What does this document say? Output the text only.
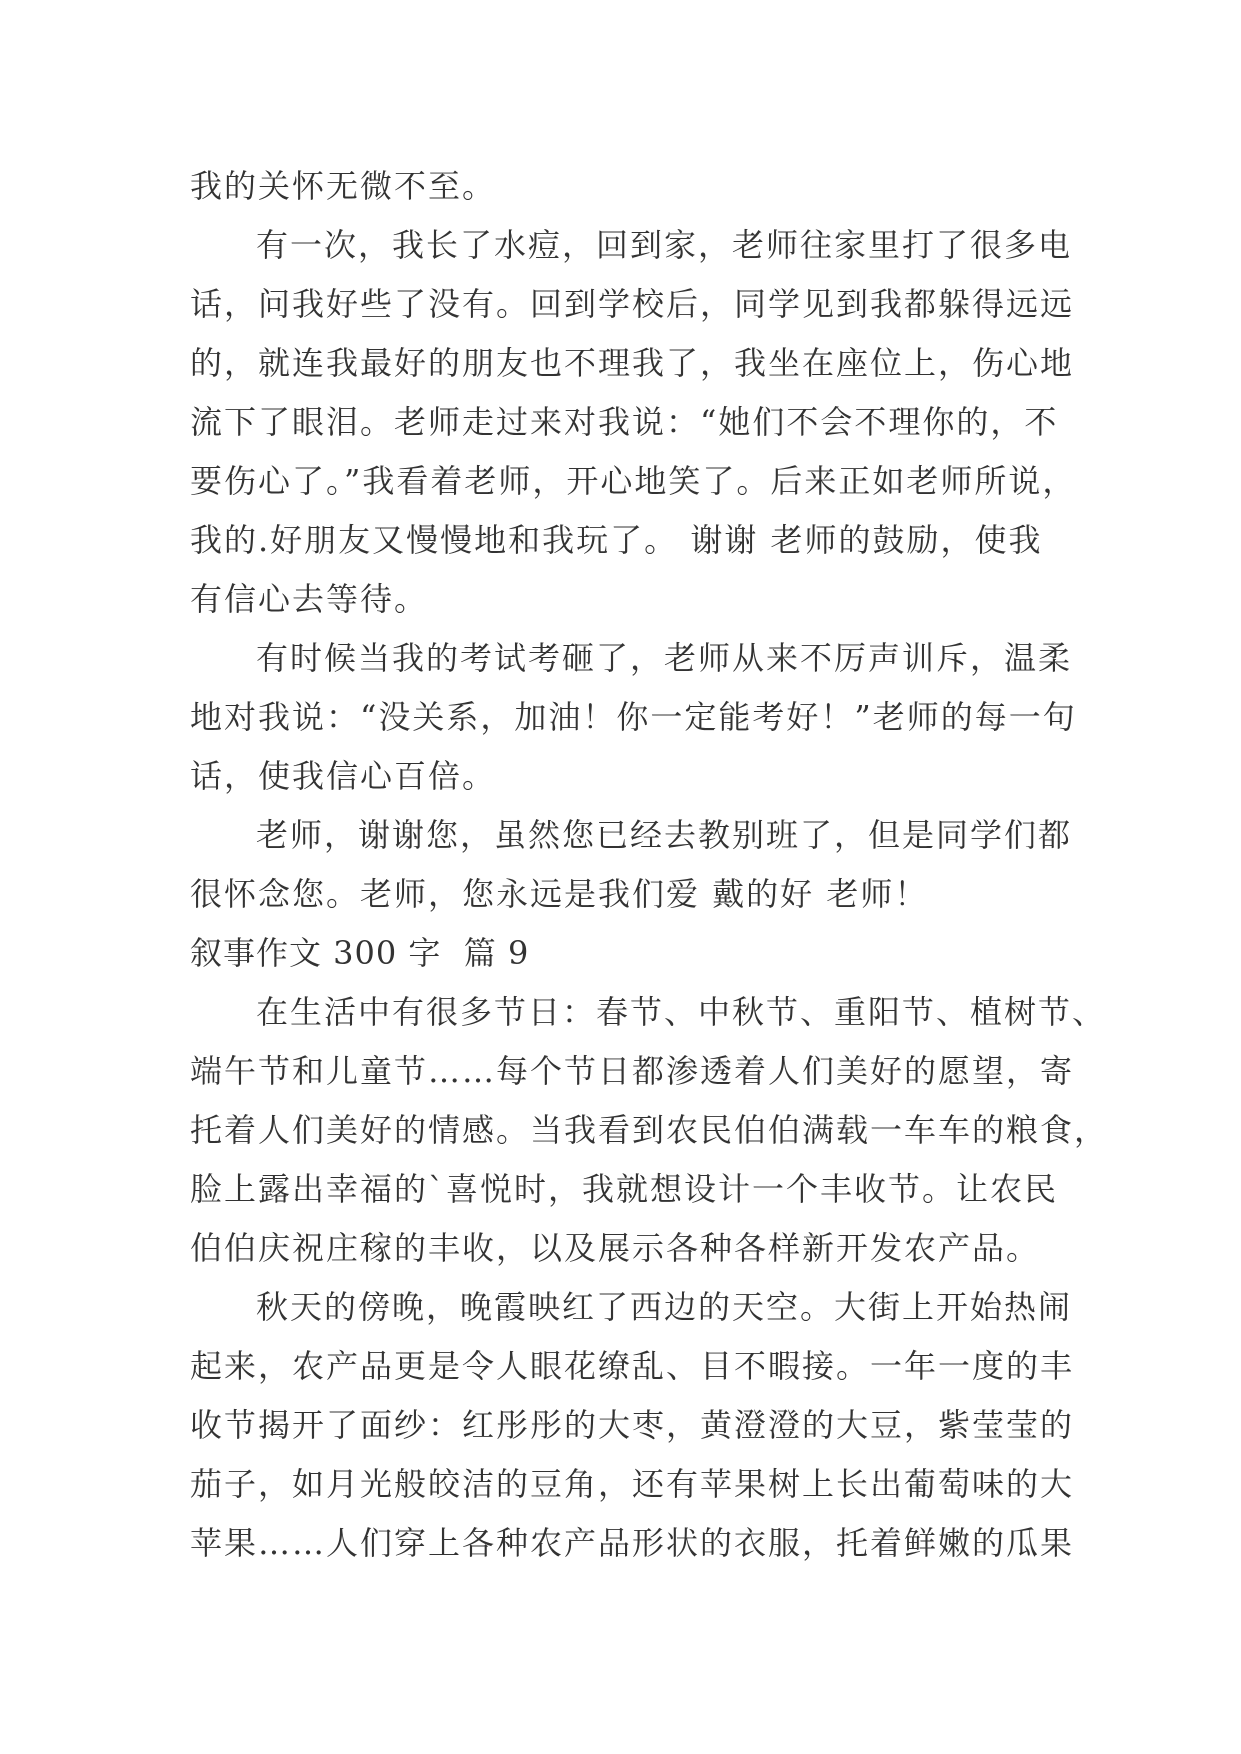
我的关怀无微不至。
有一次，我长了水痘，回到家，老师往家里打了很多电
话，问我好些了没有。回到学校后，同学见到我都躲得远远
的，就连我最好的朋友也不理我了，我坐在座位上，伤心地
流下了眼泪。老师走过来对我说：“她们不会不理你的，不
要伤心了。”我看着老师，开心地笑了。后来正如老师所说，
我的.好朋友又慢慢地和我玩了。 谢谢 老师的鼓励，使我
有信心去等待。
有时候当我的考试考砸了，老师从来不厉声训斥，温柔
地对我说：“没关系，加油！你一定能考好！”老师的每一句
话，使我信心百倍。
老师，谢谢您，虽然您已经去教别班了，但是同学们都
很怀念您。老师，您永远是我们爱 戴的好 老师！
叙事作文 300 字  篇 9
在生活中有很多节日：春节、中秋节、重阳节、植树节、
端午节和儿童节……每个节日都渗透着人们美好的愿望，寄
托着人们美好的情感。当我看到农民伯伯满载一车车的粮食，
脸上露出幸福的`喜悦时，我就想设计一个丰收节。让农民
伯伯庆祝庄稼的丰收，以及展示各种各样新开发农产品。
秋天的傍晚，晚霞映红了西边的天空。大街上开始热闹
起来，农产品更是令人眼花缭乱、目不暇接。一年一度的丰
收节揭开了面纱：红彤彤的大枣，黄澄澄的大豆，紫莹莹的
茄子，如月光般皎洁的豆角，还有苹果树上长出葡萄味的大
苹果……人们穿上各种农产品形状的衣服，托着鲜嫩的瓜果
